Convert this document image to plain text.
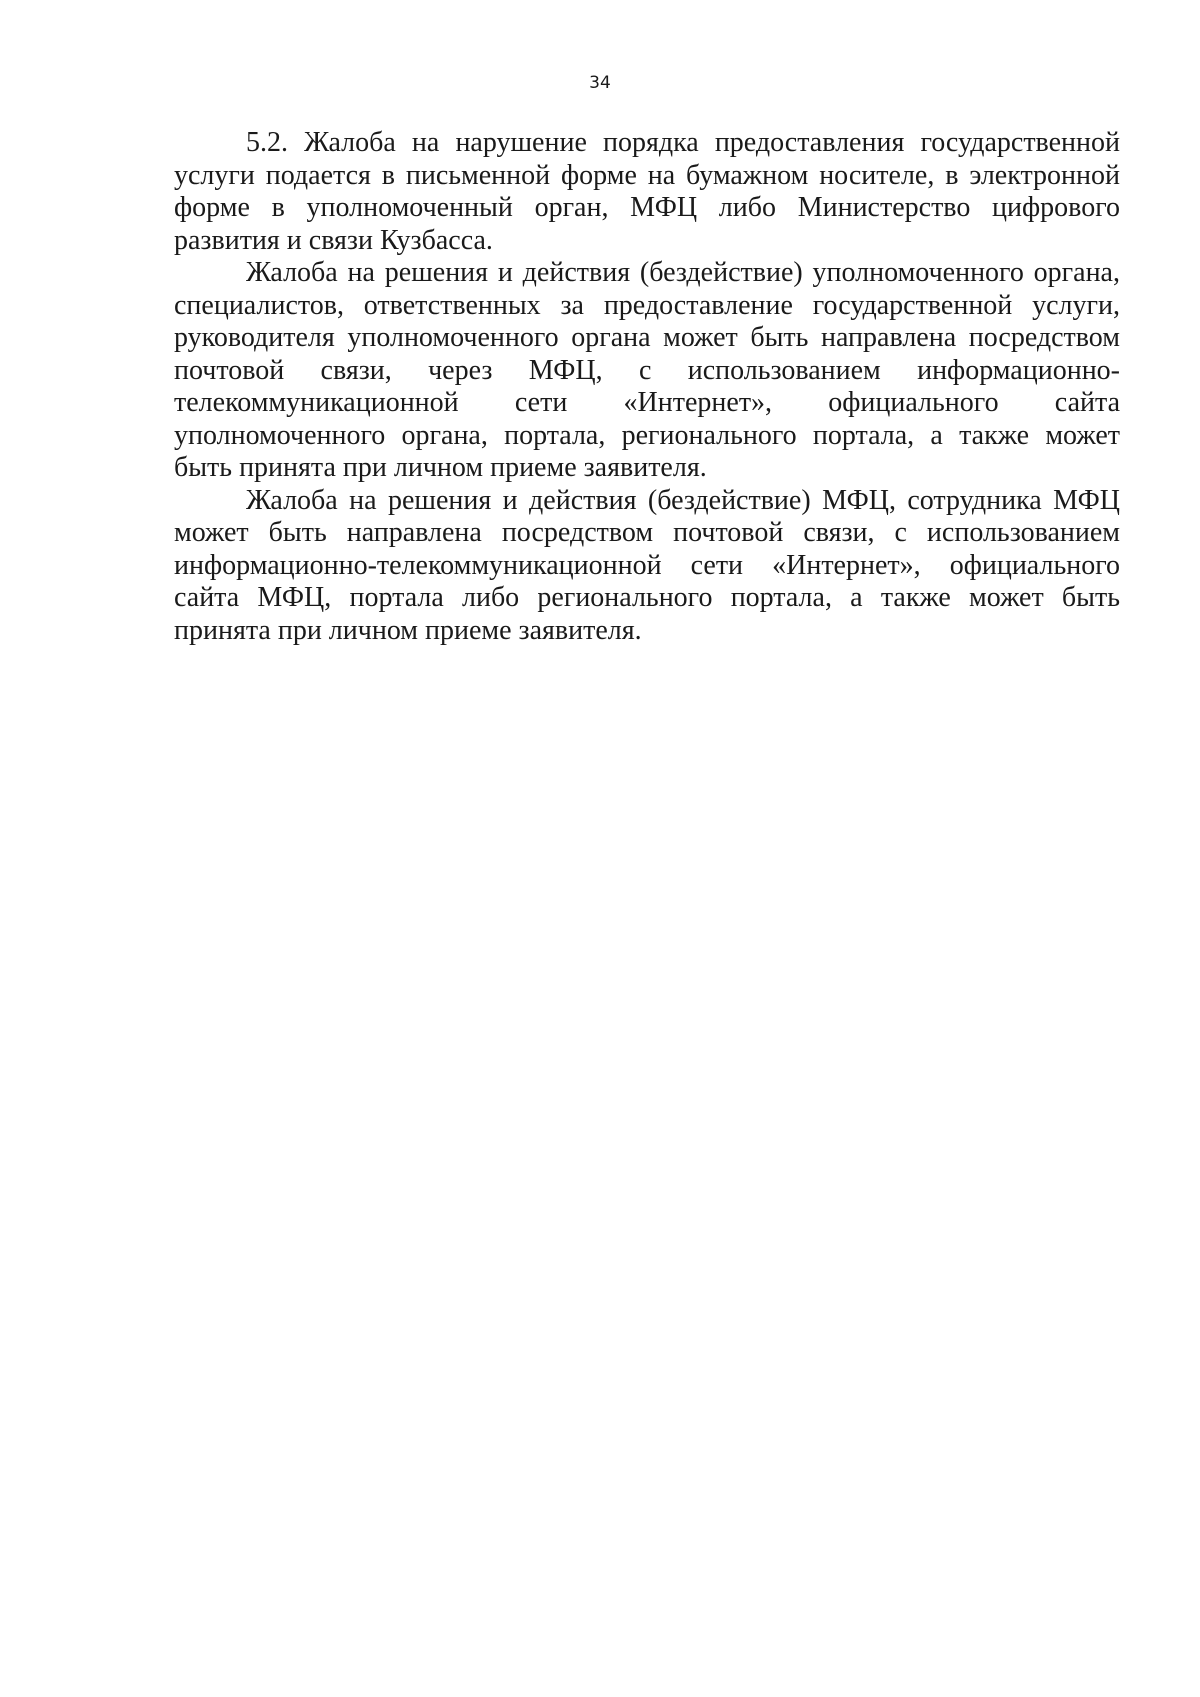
34

5.2. Жалоба на нарушение порядка предоставления государственной услуги подается в письменной форме на бумажном носителе, в электронной форме в уполномоченный орган, МФЦ либо Министерство цифрового развития и связи Кузбасса.

Жалоба на решения и действия (бездействие) уполномоченного органа, специалистов, ответственных за предоставление государственной услуги, руководителя уполномоченного органа может быть направлена посредством почтовой связи, через МФЦ, с использованием информационно-телекоммуникационной сети «Интернет», официального сайта уполномоченного органа, портала, регионального портала, а также может быть принята при личном приеме заявителя.

Жалоба на решения и действия (бездействие) МФЦ, сотрудника МФЦ может быть направлена посредством почтовой связи, с использованием информационно-телекоммуникационной сети «Интернет», официального сайта МФЦ, портала либо регионального портала, а также может быть принята при личном приеме заявителя.
